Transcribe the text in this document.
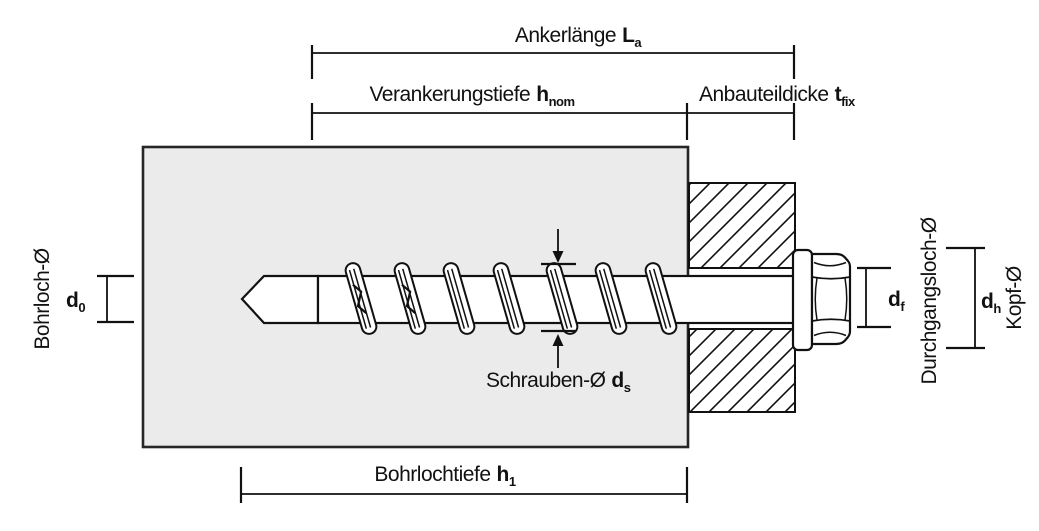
Ankerlänge $L_a$
Verankerungstiefe $h_{nom}$	Anbauteildicke $t_{fix}$
Bohrlochtiefe $h_1$
$d_0$
Bohrloch-Ø
Schrauben-Ø $d_s$
$d_f$ Durchgangsloch-Ø $d_h$ Kopf-Ø
